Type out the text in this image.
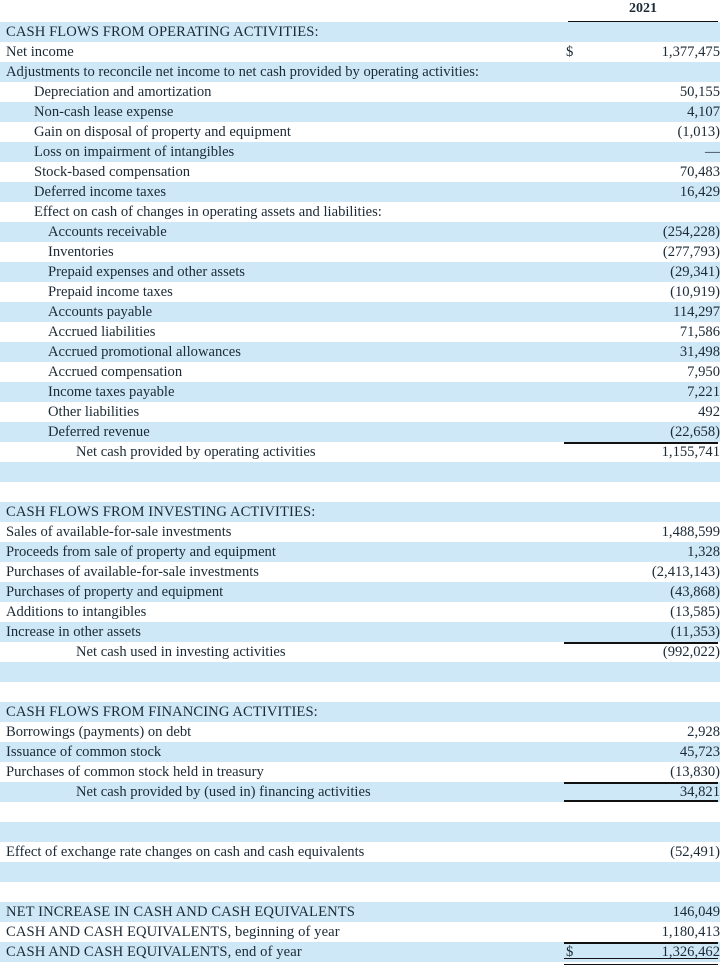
2021
CASH FLOWS FROM OPERATING ACTIVITIES:
Net income	$	1,377,475
Adjustments to reconcile net income to net cash provided by operating activities:
Depreciation and amortization	50,155
Non-cash lease expense	4,107
Gain on disposal of property and equipment	(1,013)
Loss on impairment of intangibles	—
Stock-based compensation	70,483
Deferred income taxes	16,429
Effect on cash of changes in operating assets and liabilities:
Accounts receivable	(254,228)
Inventories	(277,793)
Prepaid expenses and other assets	(29,341)
Prepaid income taxes	(10,919)
Accounts payable	114,297
Accrued liabilities	71,586
Accrued promotional allowances	31,498
Accrued compensation	7,950
Income taxes payable	7,221
Other liabilities	492
Deferred revenue	(22,658)
Net cash provided by operating activities	1,155,741
CASH FLOWS FROM INVESTING ACTIVITIES:
Sales of available-for-sale investments	1,488,599
Proceeds from sale of property and equipment	1,328
Purchases of available-for-sale investments	(2,413,143)
Purchases of property and equipment	(43,868)
Additions to intangibles	(13,585)
Increase in other assets	(11,353)
Net cash used in investing activities	(992,022)
CASH FLOWS FROM FINANCING ACTIVITIES:
Borrowings (payments) on debt	2,928
Issuance of common stock	45,723
Purchases of common stock held in treasury	(13,830)
Net cash provided by (used in) financing activities	34,821
Effect of exchange rate changes on cash and cash equivalents	(52,491)
NET INCREASE IN CASH AND CASH EQUIVALENTS	146,049
CASH AND CASH EQUIVALENTS, beginning of year	1,180,413
CASH AND CASH EQUIVALENTS, end of year	$	1,326,462
